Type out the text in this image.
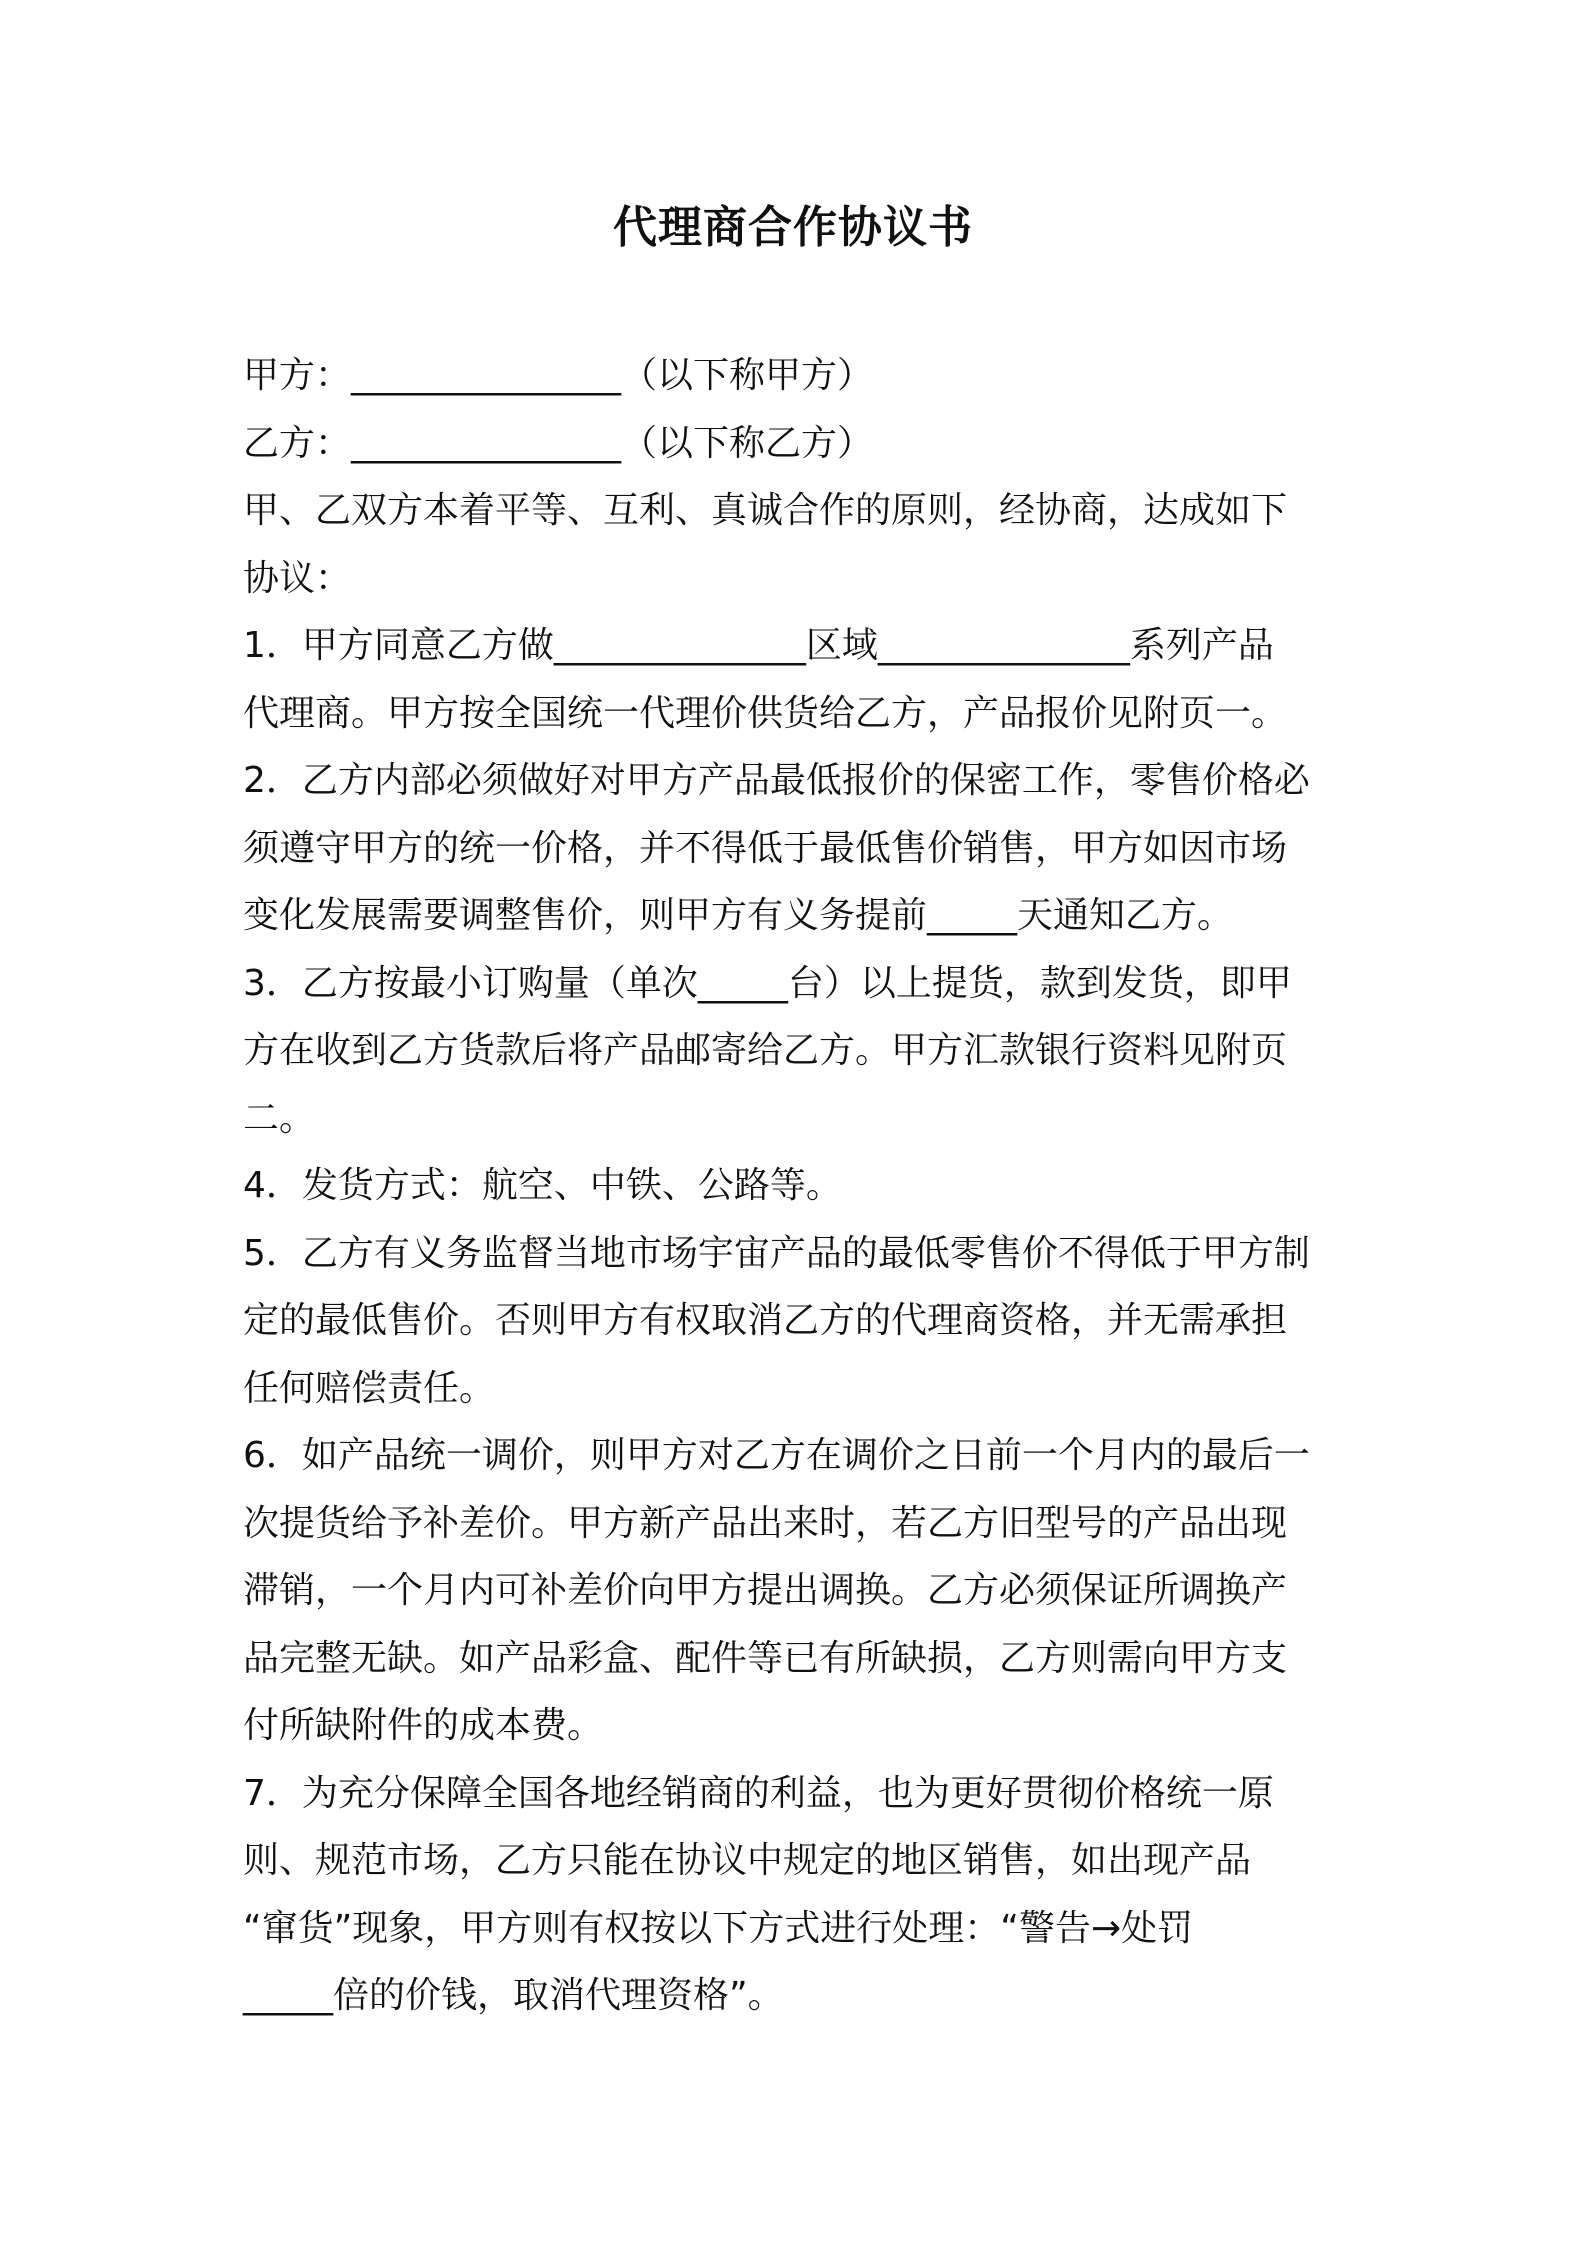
代理商合作协议书
甲方：_______________（以下称甲方）
乙方：_______________（以下称乙方）
甲、乙双方本着平等、互利、真诚合作的原则，经协商，达成如下
协议：
1．甲方同意乙方做______________区域______________系列产品
代理商。甲方按全国统一代理价供货给乙方，产品报价见附页一。
2．乙方内部必须做好对甲方产品最低报价的保密工作，零售价格必
须遵守甲方的统一价格，并不得低于最低售价销售，甲方如因市场
变化发展需要调整售价，则甲方有义务提前_____天通知乙方。
3．乙方按最小订购量（单次_____台）以上提货，款到发货，即甲
方在收到乙方货款后将产品邮寄给乙方。甲方汇款银行资料见附页
二。
4．发货方式：航空、中铁、公路等。
5．乙方有义务监督当地市场宇宙产品的最低零售价不得低于甲方制
定的最低售价。否则甲方有权取消乙方的代理商资格，并无需承担
任何赔偿责任。
6．如产品统一调价，则甲方对乙方在调价之日前一个月内的最后一
次提货给予补差价。甲方新产品出来时，若乙方旧型号的产品出现
滞销，一个月内可补差价向甲方提出调换。乙方必须保证所调换产
品完整无缺。如产品彩盒、配件等已有所缺损，乙方则需向甲方支
付所缺附件的成本费。
7．为充分保障全国各地经销商的利益，也为更好贯彻价格统一原
则、规范市场，乙方只能在协议中规定的地区销售，如出现产品
“窜货”现象，甲方则有权按以下方式进行处理：“警告→处罚
_____倍的价钱，取消代理资格”。
